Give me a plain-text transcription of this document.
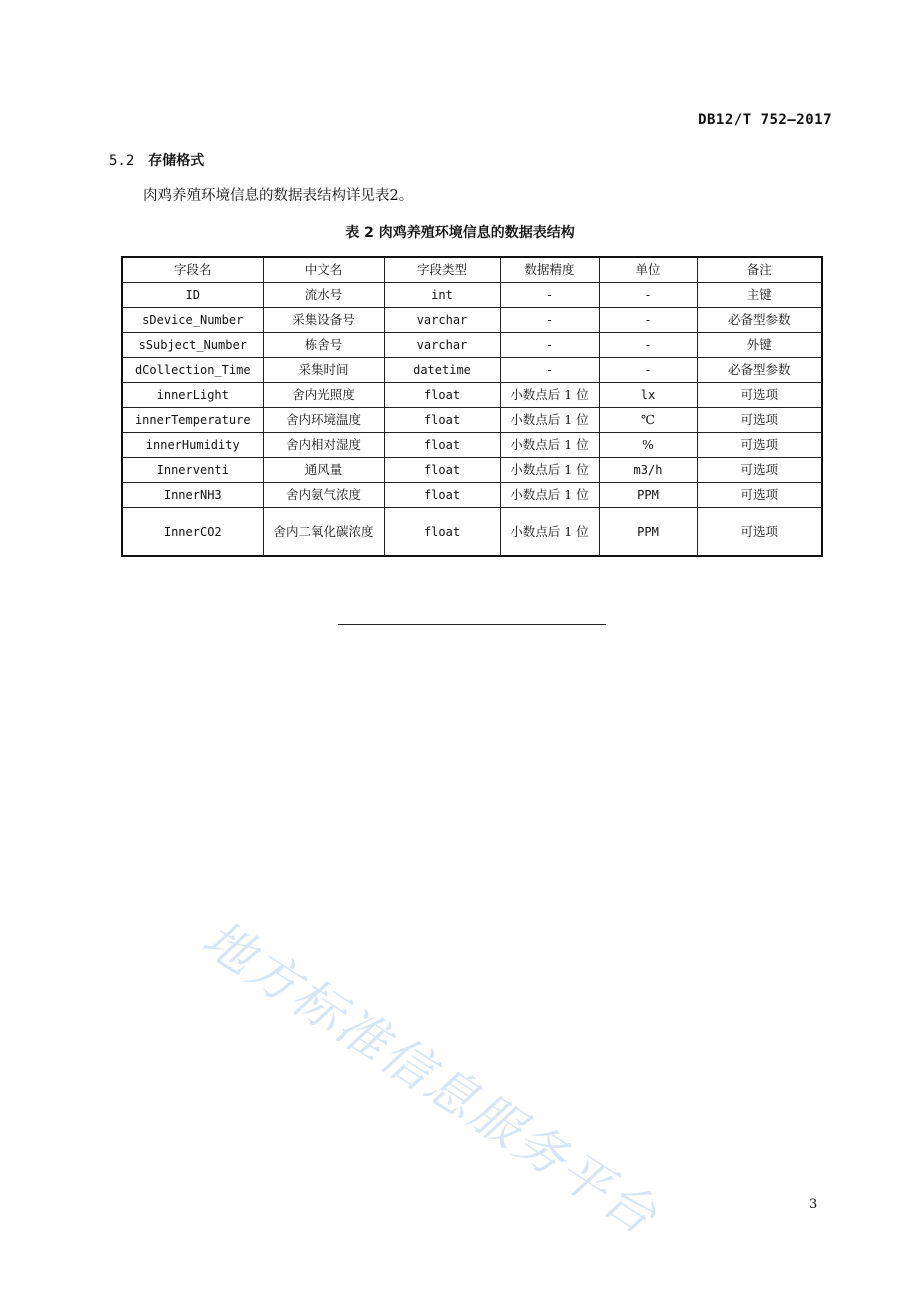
DB12/T 752—2017
5.2 存储格式
肉鸡养殖环境信息的数据表结构详见表2。
表 2 肉鸡养殖环境信息的数据表结构
字段名	中文名	字段类型	数据精度	单位	备注
ID	流水号	int	-	-	主键
sDevice_Number	采集设备号	varchar	-	-	必备型参数
sSubject_Number	栋舍号	varchar	-	-	外键
dCollection_Time	采集时间	datetime	-	-	必备型参数
innerLight	舍内光照度	float	小数点后 1 位	lx	可选项
innerTemperature	舍内环境温度	float	小数点后 1 位	℃	可选项
innerHumidity	舍内相对湿度	float	小数点后 1 位	%	可选项
Innerventi	通风量	float	小数点后 1 位	m3/h	可选项
InnerNH3	舍内氨气浓度	float	小数点后 1 位	PPM	可选项
InnerCO2	舍内二氧化碳浓度	float	小数点后 1 位	PPM	可选项
地方标准信息服务平台	3
